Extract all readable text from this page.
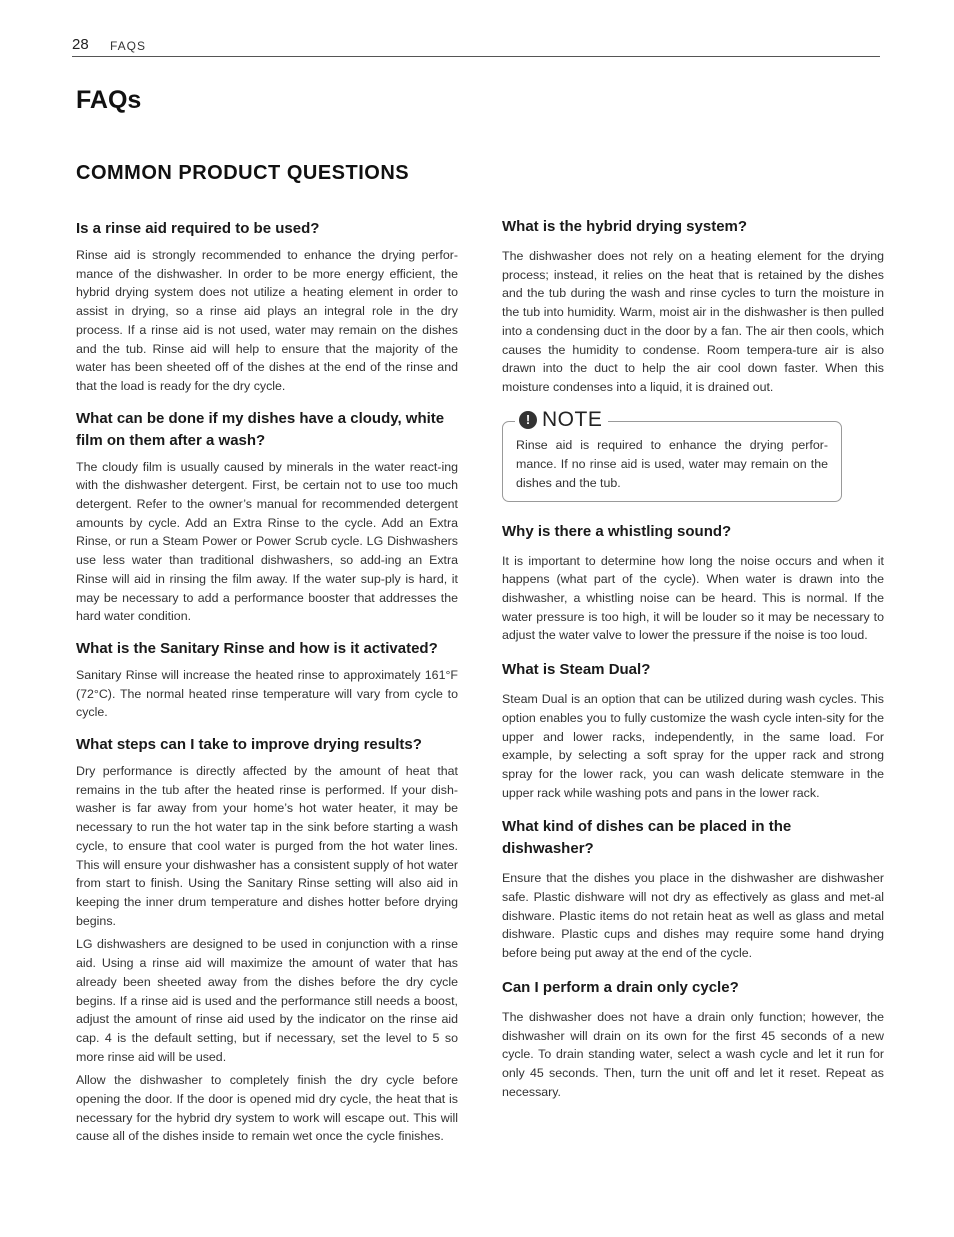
28 FAQS
FAQs
COMMON PRODUCT QUESTIONS
Is a rinse aid required to be used?

Rinse aid is strongly recommended to enhance the drying perfor-mance of the dishwasher. In order to be more energy efficient, the hybrid drying system does not utilize a heating element in order to assist in drying, so a rinse aid plays an integral role in the dry process. If a rinse aid is not used, water may remain on the dishes and the tub. Rinse aid will help to ensure that the majority of the water has been sheeted off of the dishes at the end of the rinse and that the load is ready for the dry cycle.

What can be done if my dishes have a cloudy, white film on them after a wash?

The cloudy film is usually caused by minerals in the water react-ing with the dishwasher detergent. First, be certain not to use too much detergent. Refer to the owner’s manual for recommended detergent amounts by cycle. Add an Extra Rinse to the cycle. Add an Extra Rinse, or run a Steam Power or Power Scrub cycle. LG Dishwashers use less water than traditional dishwashers, so add-ing an Extra Rinse will aid in rinsing the film away. If the water sup-ply is hard, it may be necessary to add a performance booster that addresses the hard water condition.

What is the Sanitary Rinse and how is it activated?

Sanitary Rinse will increase the heated rinse to approximately 161°F (72°C). The normal heated rinse temperature will vary from cycle to cycle.

What steps can I take to improve drying results?

Dry performance is directly affected by the amount of heat that remains in the tub after the heated rinse is performed. If your dish-washer is far away from your home’s hot water heater, it may be necessary to run the hot water tap in the sink before starting a wash cycle, to ensure that cool water is purged from the hot water lines. This will ensure your dishwasher has a consistent supply of hot water from start to finish. Using the Sanitary Rinse setting will also aid in keeping the inner drum temperature and dishes hotter before drying begins.

LG dishwashers are designed to be used in conjunction with a rinse aid. Using a rinse aid will maximize the amount of water that has already been sheeted away from the dishes before the dry cycle begins. If a rinse aid is used and the performance still needs a boost, adjust the amount of rinse aid used by the indicator on the rinse aid cap. 4 is the default setting, but if necessary, set the level to 5 so more rinse aid will be used.

Allow the dishwasher to completely finish the dry cycle before opening the door. If the door is opened mid dry cycle, the heat that is necessary for the hybrid dry system to work will escape out. This will cause all of the dishes inside to remain wet once the cycle finishes.

What is the hybrid drying system?

The dishwasher does not rely on a heating element for the drying process; instead, it relies on the heat that is retained by the dishes and the tub during the wash and rinse cycles to turn the moisture in the tub into humidity. Warm, moist air in the dishwasher is then pulled into a condensing duct in the door by a fan. The air then cools, which causes the humidity to condense. Room tempera-ture air is also drawn into the duct to help the air cool down faster. When this moisture condenses into a liquid, it is drained out.

! NOTE

Rinse aid is required to enhance the drying perfor-mance. If no rinse aid is used, water may remain on the dishes and the tub.

Why is there a whistling sound?

It is important to determine how long the noise occurs and when it happens (what part of the cycle). When water is drawn into the dishwasher, a whistling noise can be heard. This is normal. If the water pressure is too high, it will be louder so it may be necessary to adjust the water valve to lower the pressure if the noise is too loud.

What is Steam Dual?

Steam Dual is an option that can be utilized during wash cycles. This option enables you to fully customize the wash cycle inten-sity for the upper and lower racks, independently, in the same load. For example, by selecting a soft spray for the upper rack and strong spray for the lower rack, you can wash delicate stemware in the upper rack while washing pots and pans in the lower rack.

What kind of dishes can be placed in the dishwasher?

Ensure that the dishes you place in the dishwasher are dishwasher safe. Plastic dishware will not dry as effectively as glass and met-al dishware. Plastic items do not retain heat as well as glass and metal dishware. Plastic cups and dishes may require some hand drying before being put away at the end of the cycle.

Can I perform a drain only cycle?

The dishwasher does not have a drain only function; however, the dishwasher will drain on its own for the first 45 seconds of a new cycle. To drain standing water, select a wash cycle and let it run for only 45 seconds. Then, turn the unit off and let it reset. Repeat as necessary.
